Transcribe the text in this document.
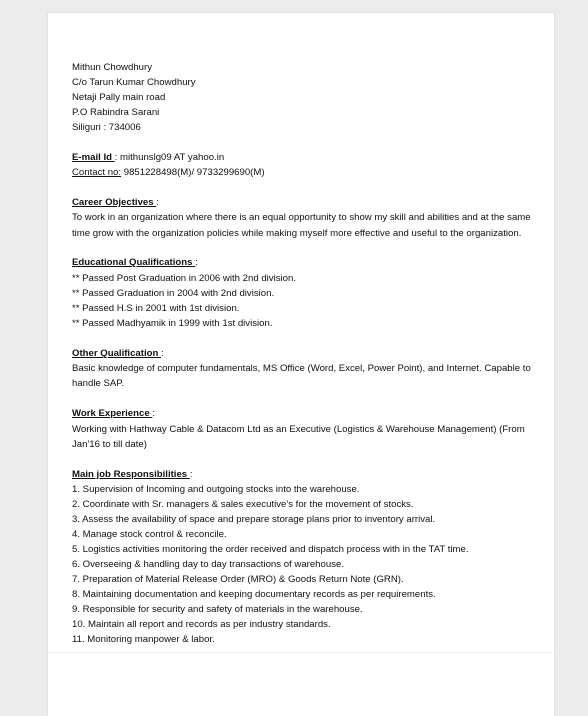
Mithun Chowdhury
C/o Tarun Kumar Chowdhury
Netaji Pally main road
P.O Rabindra Sarani
Siliguri : 734006
E-mail Id : mithunslg09 AT yahoo.in
Contact no: 9851228498(M)/ 9733299690(M)
Career Objectives :
To work in an organization where there is an equal opportunity to show my skill and abilities and at the same
time grow with the organization policies while making myself more effective and useful to the organization.
Educational Qualifications :
** Passed Post Graduation in 2006 with 2nd division.
** Passed Graduation in 2004 with 2nd division.
** Passed H.S in 2001 with 1st division.
** Passed Madhyamik in 1999 with 1st division.
Other Qualification :
Basic knowledge of computer fundamentals, MS Office (Word, Excel, Power Point), and Internet. Capable to
handle SAP.
Work Experience :
Working with Hathway Cable & Datacom Ltd as an Executive (Logistics & Warehouse Management) (From
Jan'16 to till date)
Main job Responsibilities :
1. Supervision of Incoming and outgoing stocks into the warehouse.
2. Coordinate with Sr. managers & sales executive's for the movement of stocks.
3. Assess the availability of space and prepare storage plans prior to inventory arrival.
4. Manage stock control & reconcile.
5. Logistics activities monitoring the order received and dispatch process with in the TAT time.
6. Overseeing & handling day to day transactions of warehouse.
7. Preparation of Material Release Order (MRO) & Goods Return Note (GRN).
8. Maintaining documentation and keeping documentary records as per requirements.
9. Responsible for security and safety of materials in the warehouse.
10. Maintain all report and records as per industry standards.
11. Monitoring manpower & labor.
